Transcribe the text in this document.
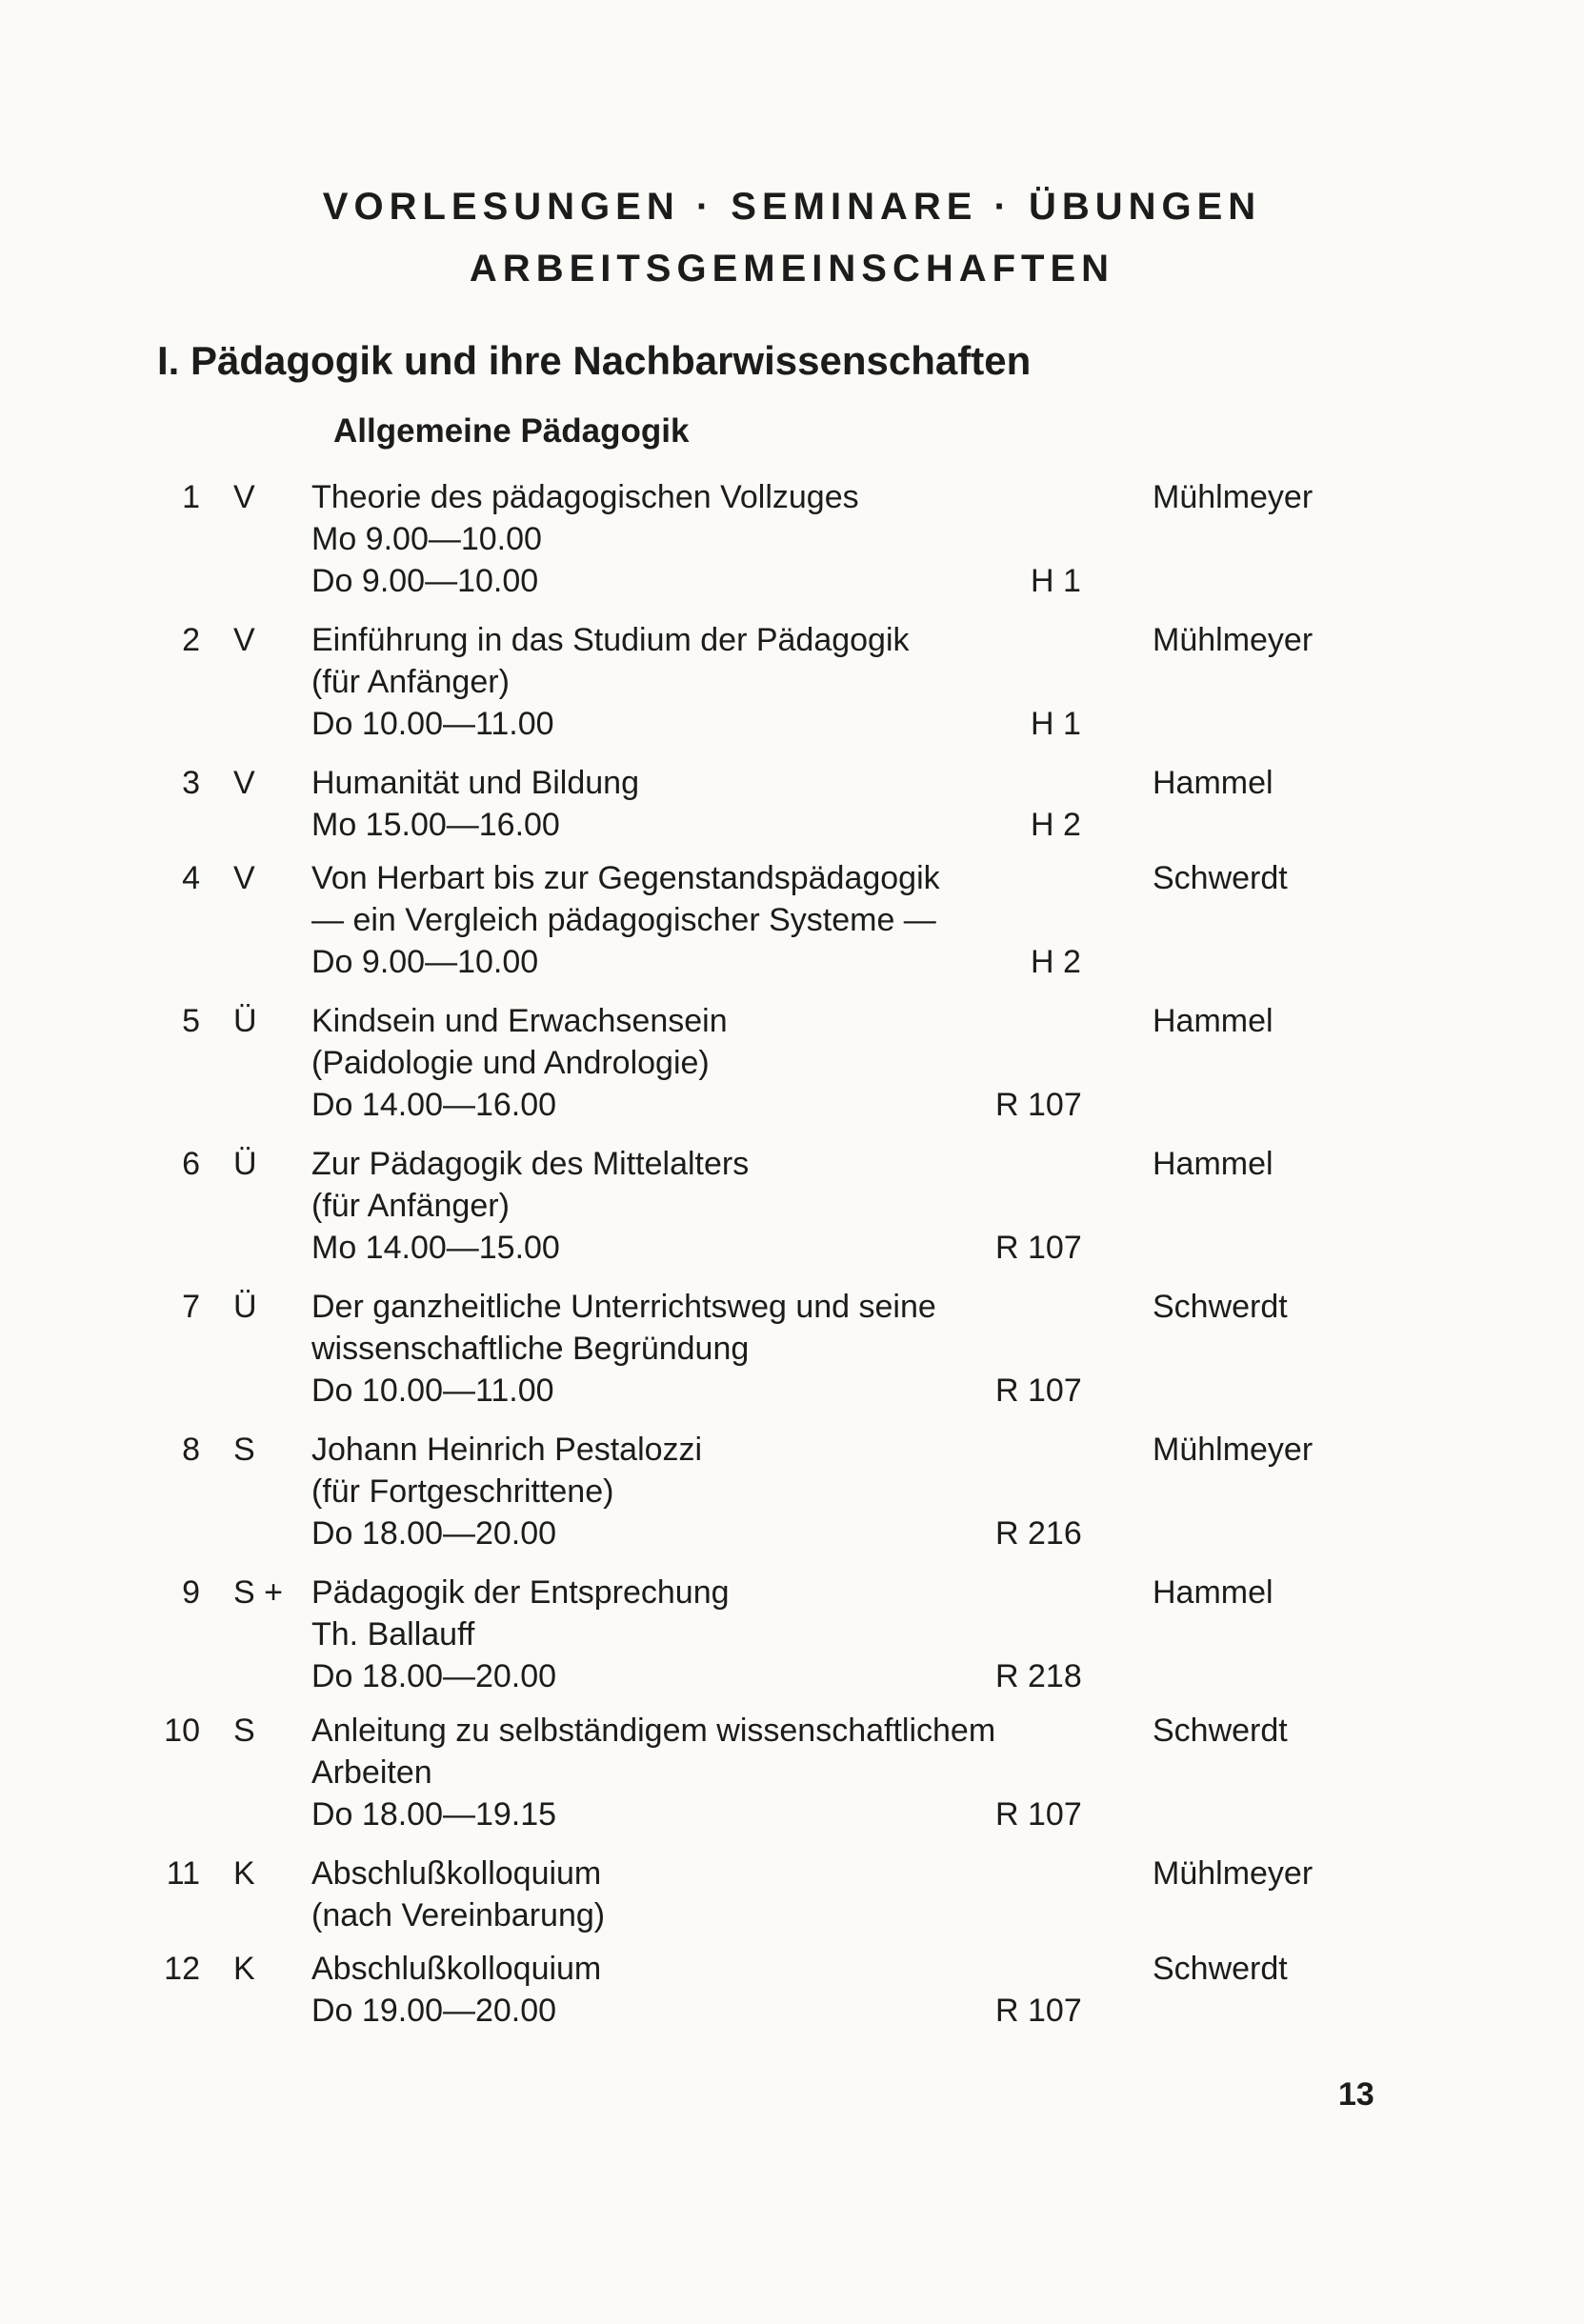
VORLESUNGEN · SEMINARE · ÜBUNGEN
ARBEITSGEMEINSCHAFTEN
I. Pädagogik und ihre Nachbarwissenschaften
Allgemeine Pädagogik
1 V	Theorie des pädagogischen Vollzuges
Mo 9.00—10.00
Do 9.00—10.00	H 1
Mühlmeyer
2 V	Einführung in das Studium der Pädagogik
(für Anfänger)
Do 10.00—11.00	H 1
Mühlmeyer
3 V	Humanität und Bildung
Mo 15.00—16.00	H 2
Hammel
4 V	Von Herbart bis zur Gegenstandspädagogik
— ein Vergleich pädagogischer Systeme —
Do 9.00—10.00	H 2
Schwerdt
5 Ü	Kindsein und Erwachsensein
(Paidologie und Andrologie)
Do 14.00—16.00	R 107
Hammel
6 Ü	Zur Pädagogik des Mittelalters
(für Anfänger)
Mo 14.00—15.00	R 107
Hammel
7 Ü	Der ganzheitliche Unterrichtsweg und seine
wissenschaftliche Begründung
Do 10.00—11.00	R 107
Schwerdt
8 S	Johann Heinrich Pestalozzi
(für Fortgeschrittene)
Do 18.00—20.00	R 216
Mühlmeyer
9 S + Pädagogik der Entsprechung
Th. Ballauff
Do 18.00—20.00	R 218
Hammel
10 S	Anleitung zu selbständigem wissenschaftlichem
Arbeiten
Do 18.00—19.15	R 107
Schwerdt
11 K	Abschlußkolloquium
(nach Vereinbarung)
Mühlmeyer
12 K	Abschlußkolloquium
Do 19.00—20.00	R 107
Schwerdt
13
